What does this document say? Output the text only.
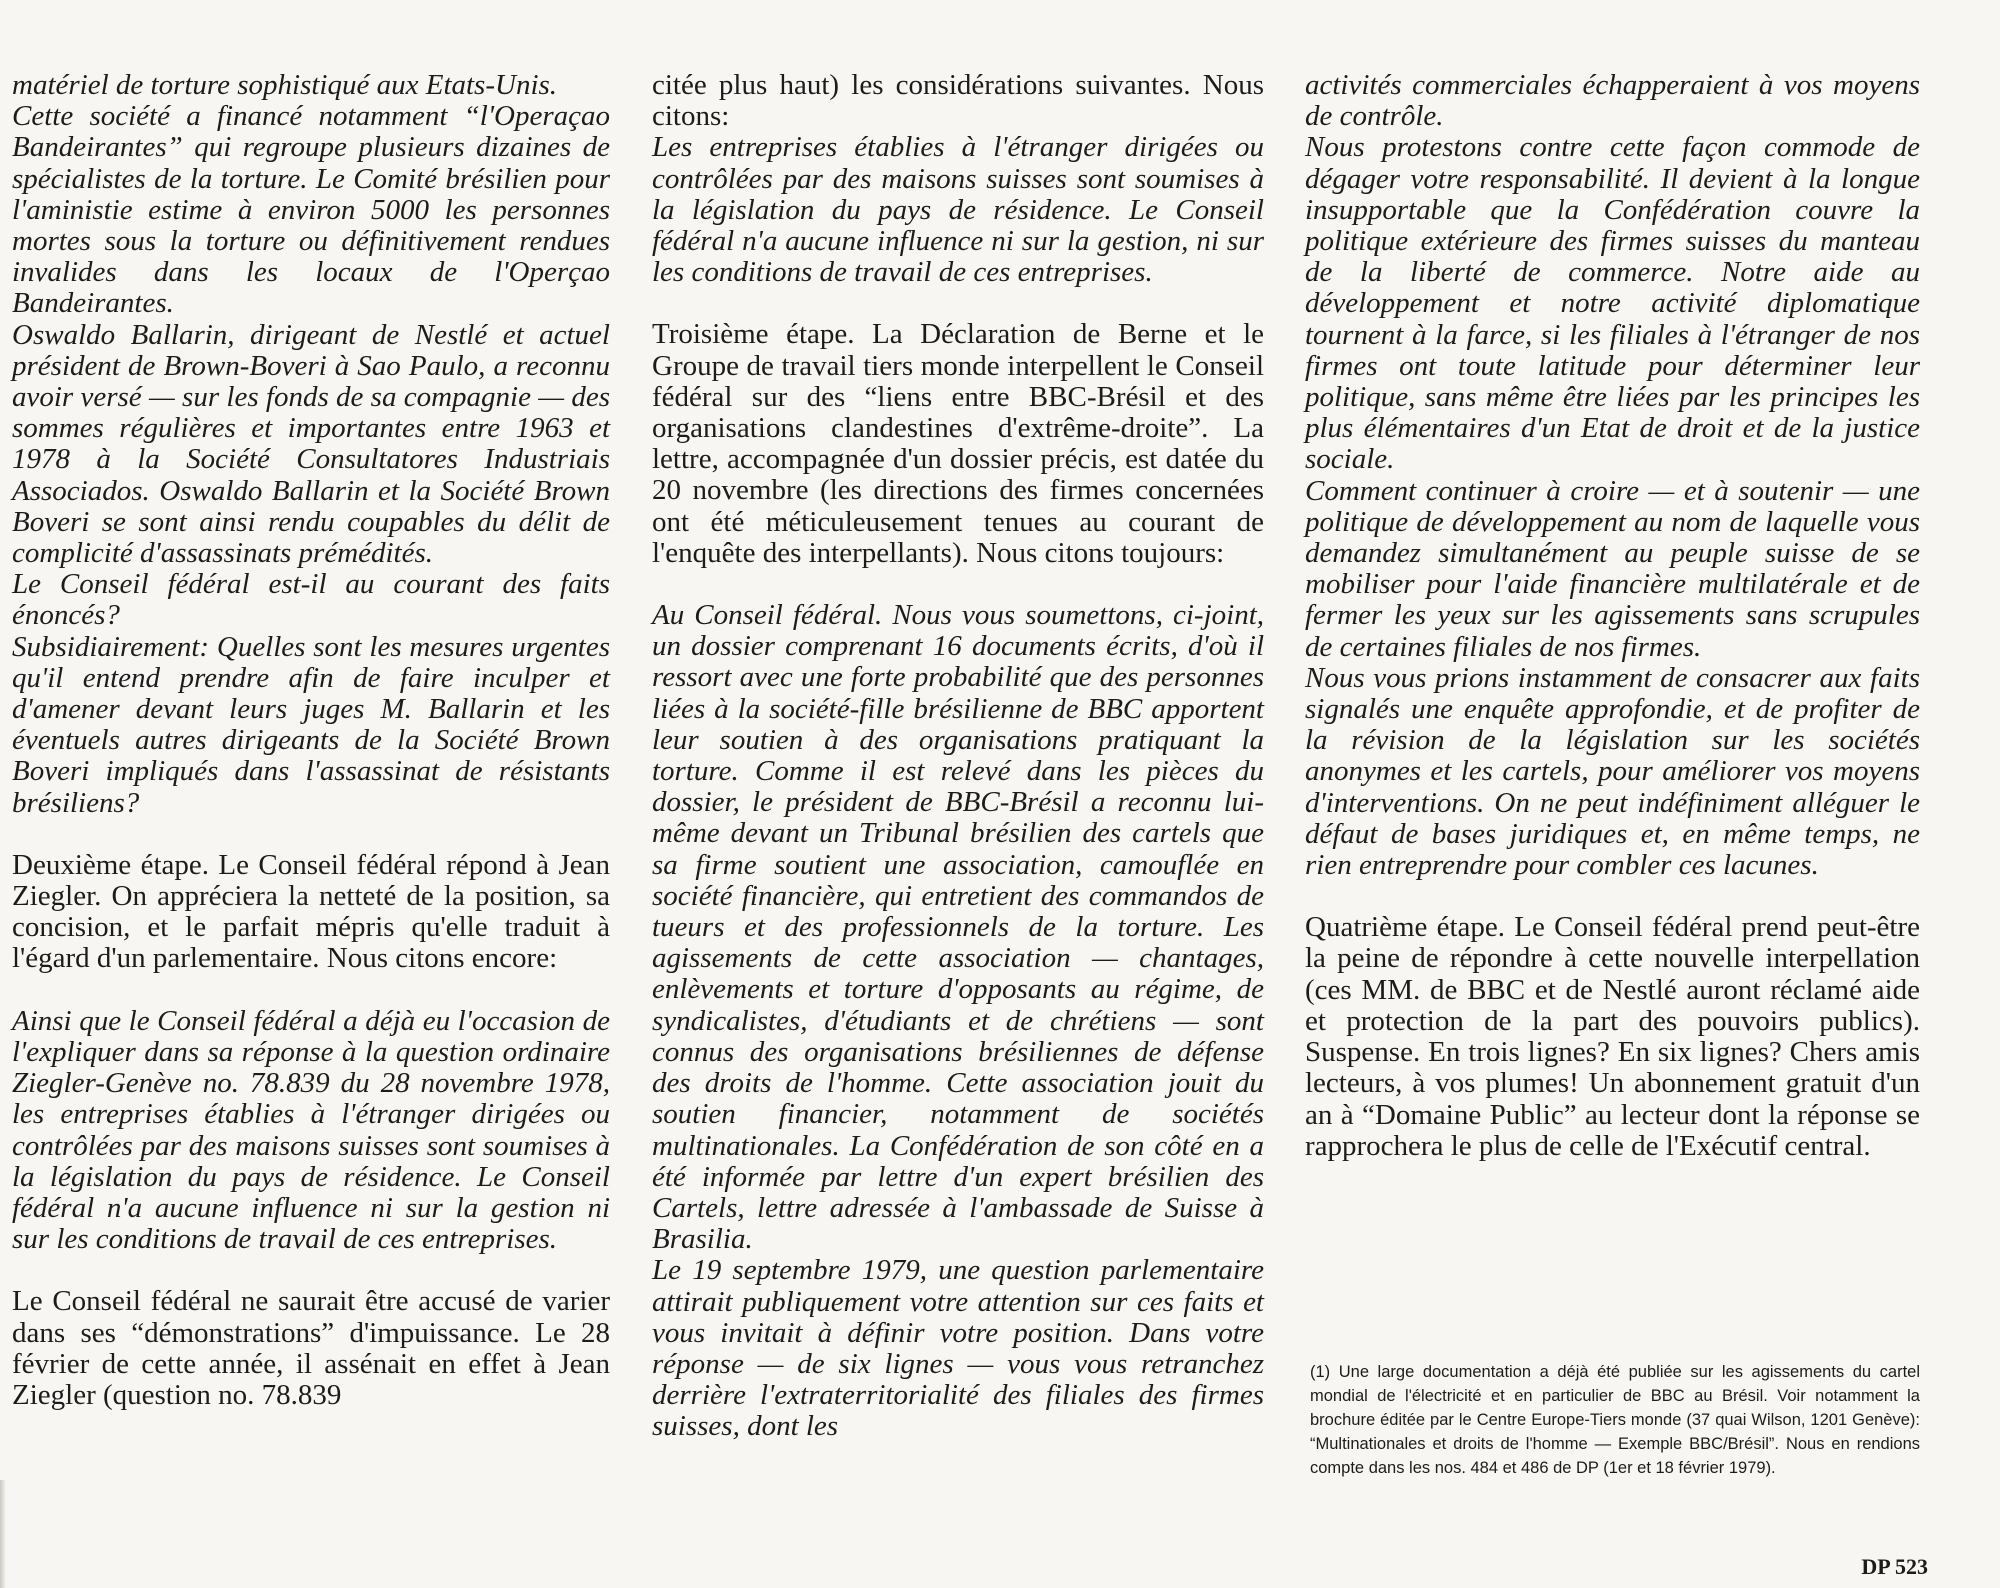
matériel de torture sophistiqué aux Etats-Unis.

Cette société a financé notamment “l'Operaçao Bandeirantes” qui regroupe plusieurs dizaines de spécialistes de la torture. Le Comité brésilien pour l'aministie estime à environ 5000 les personnes mortes sous la torture ou définitivement rendues invalides dans les locaux de l'Operçao Bandeirantes.

Oswaldo Ballarin, dirigeant de Nestlé et actuel président de Brown-Boveri à Sao Paulo, a reconnu avoir versé — sur les fonds de sa compagnie — des sommes régulières et importantes entre 1963 et 1978 à la Société Consultatores Industriais Associados. Oswaldo Ballarin et la Société Brown Boveri se sont ainsi rendu coupables du délit de complicité d'assassinats prémédités.

Le Conseil fédéral est-il au courant des faits énoncés?

Subsidiairement: Quelles sont les mesures urgentes qu'il entend prendre afin de faire inculper et d'amener devant leurs juges M. Ballarin et les éventuels autres dirigeants de la Société Brown Boveri impliqués dans l'assassinat de résistants brésiliens?

Deuxième étape. Le Conseil fédéral répond à Jean Ziegler. On appréciera la netteté de la position, sa concision, et le parfait mépris qu'elle traduit à l'égard d'un parlementaire. Nous citons encore:

Ainsi que le Conseil fédéral a déjà eu l'occasion de l'expliquer dans sa réponse à la question ordinaire Ziegler-Genève no. 78.839 du 28 novembre 1978, les entreprises établies à l'étranger dirigées ou contrôlées par des maisons suisses sont soumises à la législation du pays de résidence. Le Conseil fédéral n'a aucune influence ni sur la gestion ni sur les conditions de travail de ces entreprises.

Le Conseil fédéral ne saurait être accusé de varier dans ses “démonstrations” d'impuissance. Le 28 février de cette année, il assénait en effet à Jean Ziegler (question no. 78.839

citée plus haut) les considérations suivantes. Nous citons:

Les entreprises établies à l'étranger dirigées ou contrôlées par des maisons suisses sont soumises à la législation du pays de résidence. Le Conseil fédéral n'a aucune influence ni sur la gestion, ni sur les conditions de travail de ces entreprises.

Troisième étape. La Déclaration de Berne et le Groupe de travail tiers monde interpellent le Conseil fédéral sur des “liens entre BBC-Brésil et des organisations clandestines d'extrême-droite”. La lettre, accompagnée d'un dossier précis, est datée du 20 novembre (les directions des firmes concernées ont été méticuleusement tenues au courant de l'enquête des interpellants). Nous citons toujours:

Au Conseil fédéral. Nous vous soumettons, ci-joint, un dossier comprenant 16 documents écrits, d'où il ressort avec une forte probabilité que des personnes liées à la société-fille brésilienne de BBC apportent leur soutien à des organisations pratiquant la torture. Comme il est relevé dans les pièces du dossier, le président de BBC-Brésil a reconnu lui-même devant un Tribunal brésilien des cartels que sa firme soutient une association, camouflée en société financière, qui entretient des commandos de tueurs et des professionnels de la torture. Les agissements de cette association — chantages, enlèvements et torture d'opposants au régime, de syndicalistes, d'étudiants et de chrétiens — sont connus des organisations brésiliennes de défense des droits de l'homme. Cette association jouit du soutien financier, notamment de sociétés multinationales. La Confédération de son côté en a été informée par lettre d'un expert brésilien des Cartels, lettre adressée à l'ambassade de Suisse à Brasilia.

Le 19 septembre 1979, une question parlementaire attirait publiquement votre attention sur ces faits et vous invitait à définir votre position. Dans votre réponse — de six lignes — vous vous retranchez derrière l'extraterritorialité des filiales des firmes suisses, dont les

activités commerciales échapperaient à vos moyens de contrôle.

Nous protestons contre cette façon commode de dégager votre responsabilité. Il devient à la longue insupportable que la Confédération couvre la politique extérieure des firmes suisses du manteau de la liberté de commerce. Notre aide au développement et notre activité diplomatique tournent à la farce, si les filiales à l'étranger de nos firmes ont toute latitude pour déterminer leur politique, sans même être liées par les principes les plus élémentaires d'un Etat de droit et de la justice sociale.

Comment continuer à croire — et à soutenir — une politique de développement au nom de laquelle vous demandez simultanément au peuple suisse de se mobiliser pour l'aide financière multilatérale et de fermer les yeux sur les agissements sans scrupules de certaines filiales de nos firmes.

Nous vous prions instamment de consacrer aux faits signalés une enquête approfondie, et de profiter de la révision de la législation sur les sociétés anonymes et les cartels, pour améliorer vos moyens d'interventions. On ne peut indéfiniment alléguer le défaut de bases juridiques et, en même temps, ne rien entreprendre pour combler ces lacunes.

Quatrième étape. Le Conseil fédéral prend peut-être la peine de répondre à cette nouvelle interpellation (ces MM. de BBC et de Nestlé auront réclamé aide et protection de la part des pouvoirs publics). Suspense. En trois lignes? En six lignes? Chers amis lecteurs, à vos plumes! Un abonnement gratuit d'un an à “Domaine Public” au lecteur dont la réponse se rapprochera le plus de celle de l'Exécutif central.

(1) Une large documentation a déjà été publiée sur les agissements du cartel mondial de l'électricité et en particulier de BBC au Brésil. Voir notamment la brochure éditée par le Centre Europe-Tiers monde (37 quai Wilson, 1201 Genève): “Multinationales et droits de l'homme — Exemple BBC/Brésil”. Nous en rendions compte dans les nos. 484 et 486 de DP (1er et 18 février 1979).

DP 523
